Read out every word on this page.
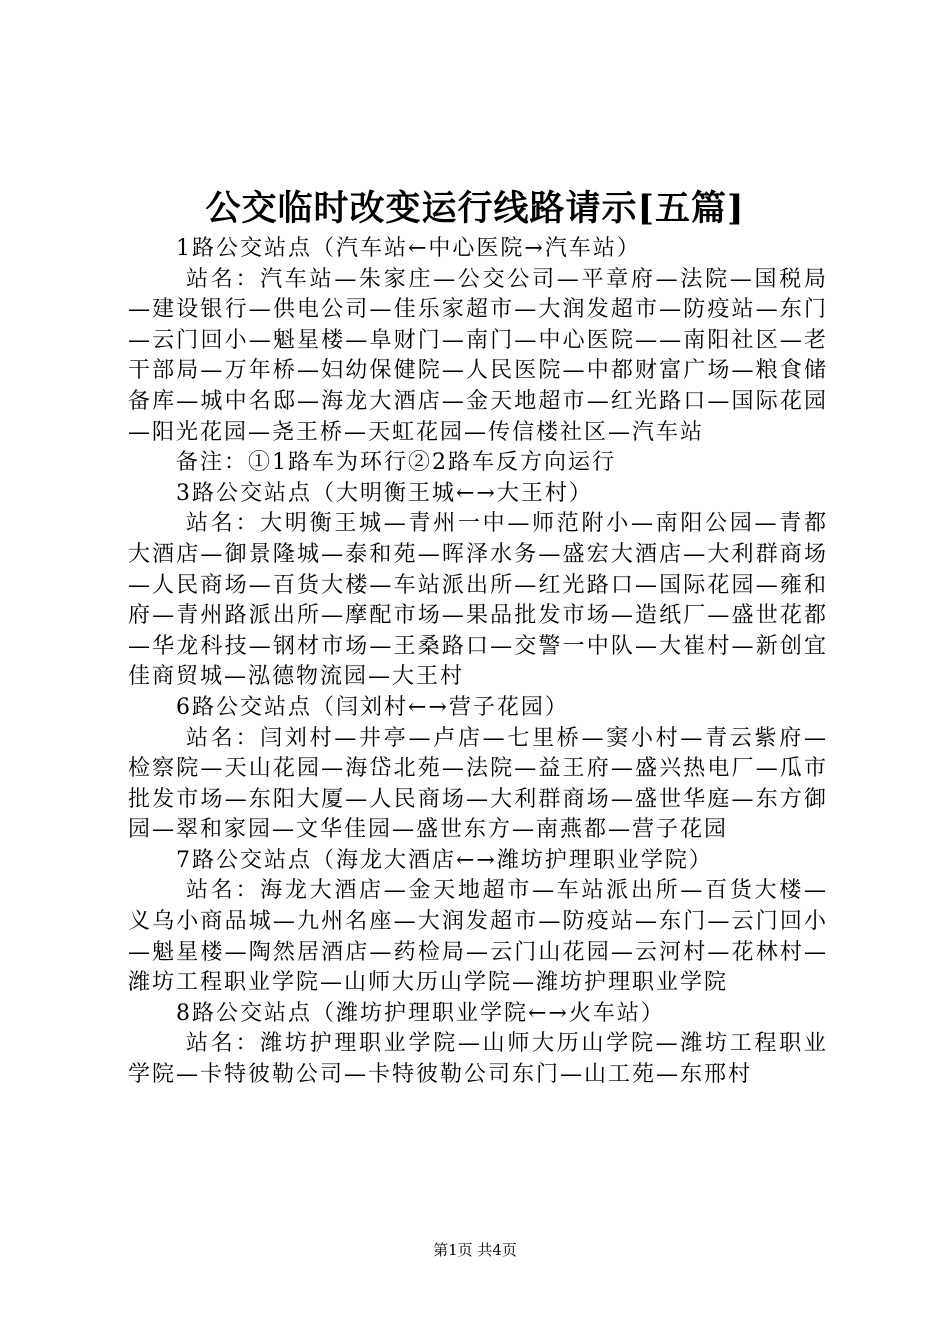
公交临时改变运行线路请示[五篇]

1路公交站点（汽车站←中心医院→汽车站）

站名：汽车站—朱家庄—公交公司—平章府—法院—国税局—建设银行—供电公司—佳乐家超市—大润发超市—防疫站—东门—云门回小—魁星楼—阜财门—南门—中心医院——南阳社区—老干部局—万年桥—妇幼保健院—人民医院—中都财富广场—粮食储备库—城中名邸—海龙大酒店—金天地超市—红光路口—国际花园—阳光花园—尧王桥—天虹花园—传信楼社区—汽车站

备注：①1路车为环行②2路车反方向运行

3路公交站点（大明衡王城←→大王村）

站名：大明衡王城—青州一中—师范附小—南阳公园—青都大酒店—御景隆城—泰和苑—晖泽水务—盛宏大酒店—大利群商场—人民商场—百货大楼—车站派出所—红光路口—国际花园—雍和府—青州路派出所—摩配市场—果品批发市场—造纸厂—盛世花都—华龙科技—钢材市场—王桑路口—交警一中队—大崔村—新创宜佳商贸城—泓德物流园—大王村

6路公交站点（闫刘村←→营子花园）

站名：闫刘村—井亭—卢店—七里桥—窦小村—青云紫府—检察院—天山花园—海岱北苑—法院—益王府—盛兴热电厂—瓜市批发市场—东阳大厦—人民商场—大利群商场—盛世华庭—东方御园—翠和家园—文华佳园—盛世东方—南燕都—营子花园

7路公交站点（海龙大酒店←→潍坊护理职业学院）

站名：海龙大酒店—金天地超市—车站派出所—百货大楼—义乌小商品城—九州名座—大润发超市—防疫站—东门—云门回小—魁星楼—陶然居酒店—药检局—云门山花园—云河村—花林村—潍坊工程职业学院—山师大历山学院—潍坊护理职业学院

8路公交站点（潍坊护理职业学院←→火车站）

站名：潍坊护理职业学院—山师大历山学院—潍坊工程职业学院—卡特彼勒公司—卡特彼勒公司东门—山工苑—东邢村

第1页 共4页
